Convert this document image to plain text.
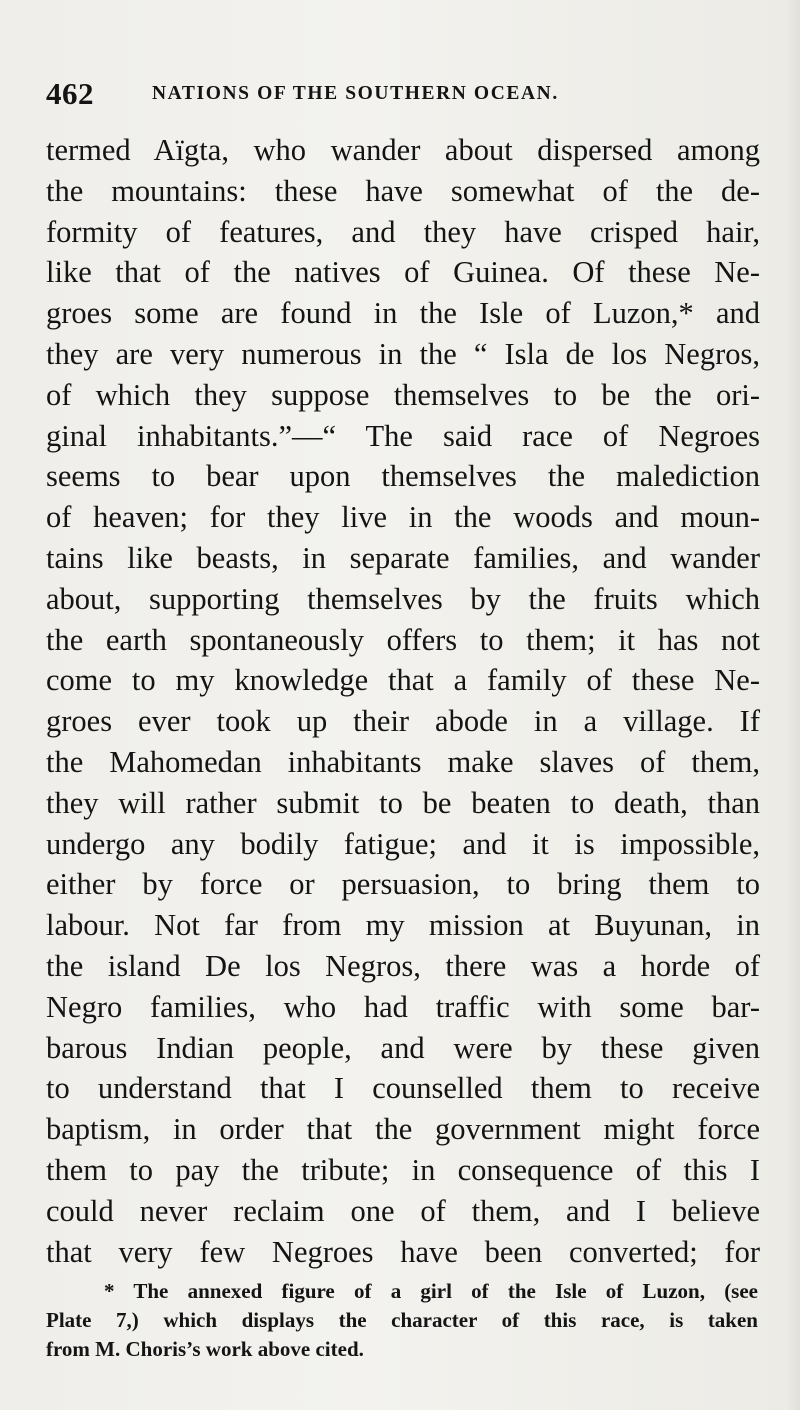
462	NATIONS OF THE SOUTHERN OCEAN.
termed Aïgta, who wander about dispersed among
the mountains: these have somewhat of the de-
formity of features, and they have crisped hair,
like that of the natives of Guinea. Of these Ne-
groes some are found in the Isle of Luzon,* and
they are very numerous in the “ Isla de los Negros,
of which they suppose themselves to be the ori-
ginal inhabitants.”—“ The said race of Negroes
seems to bear upon themselves the malediction
of heaven; for they live in the woods and moun-
tains like beasts, in separate families, and wander
about, supporting themselves by the fruits which
the earth spontaneously offers to them; it has not
come to my knowledge that a family of these Ne-
groes ever took up their abode in a village. If
the Mahomedan inhabitants make slaves of them,
they will rather submit to be beaten to death, than
undergo any bodily fatigue; and it is impossible,
either by force or persuasion, to bring them to
labour. Not far from my mission at Buyunan, in
the island De los Negros, there was a horde of
Negro families, who had traffic with some bar-
barous Indian people, and were by these given
to understand that I counselled them to receive
baptism, in order that the government might force
them to pay the tribute; in consequence of this I
could never reclaim one of them, and I believe
that very few Negroes have been converted; for
* The annexed figure of a girl of the Isle of Luzon, (see
Plate 7,) which displays the character of this race, is taken
from M. Choris’s work above cited.
